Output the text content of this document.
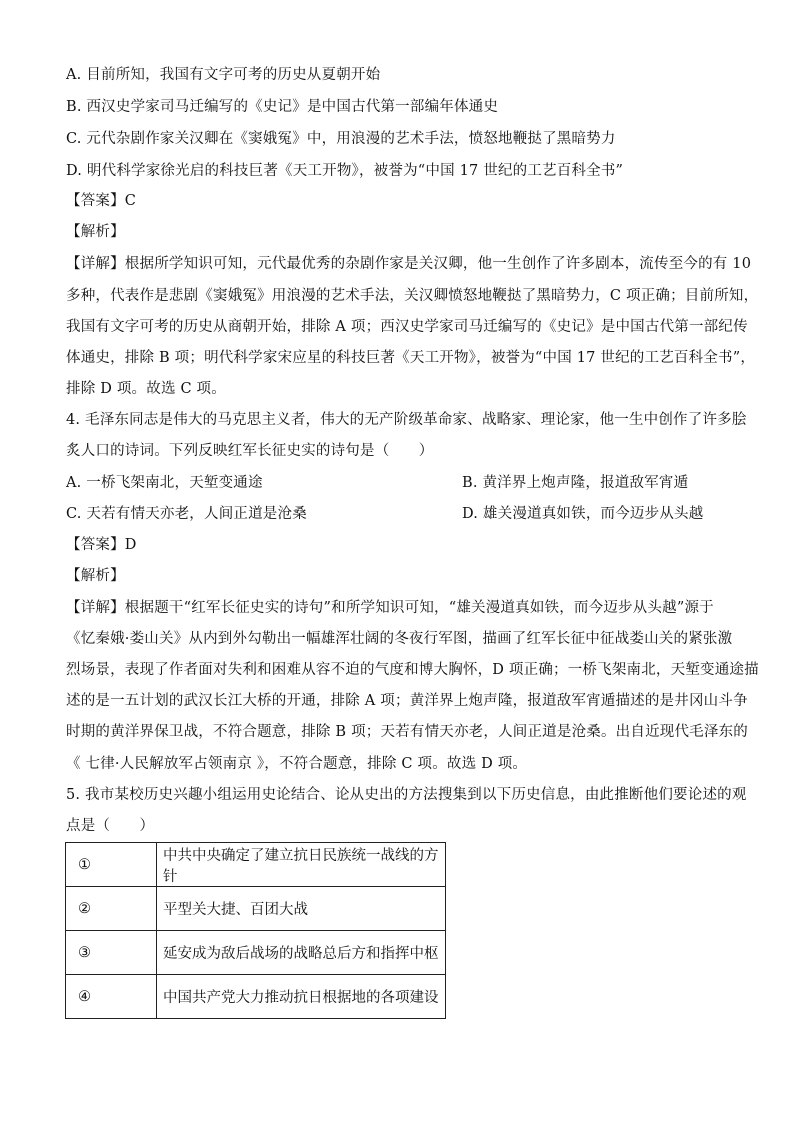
A. 目前所知，我国有文字可考的历史从夏朝开始
B. 西汉史学家司马迁编写的《史记》是中国古代第一部编年体通史
C. 元代杂剧作家关汉卿在《窦娥冤》中，用浪漫的艺术手法，愤怒地鞭挞了黑暗势力
D. 明代科学家徐光启的科技巨著《天工开物》，被誉为“中国 17 世纪的工艺百科全书”
【答案】C
【解析】
【详解】根据所学知识可知，元代最优秀的杂剧作家是关汉卿，他一生创作了许多剧本，流传至今的有 10
多种，代表作是悲剧《窦娥冤》用浪漫的艺术手法，关汉卿愤怒地鞭挞了黑暗势力，C 项正确；目前所知，
我国有文字可考的历史从商朝开始，排除 A 项；西汉史学家司马迁编写的《史记》是中国古代第一部纪传
体通史，排除 B 项；明代科学家宋应星的科技巨著《天工开物》，被誉为“中国 17 世纪的工艺百科全书”，
排除 D 项。故选 C 项。
4. 毛泽东同志是伟大的马克思主义者，伟大的无产阶级革命家、战略家、理论家，他一生中创作了许多脍
炙人口的诗词。下列反映红军长征史实的诗句是（　　）
A. 一桥飞架南北，天堑变通途	B. 黄洋界上炮声隆，报道敌军宵遁
C. 天若有情天亦老，人间正道是沧桑	D. 雄关漫道真如铁，而今迈步从头越
【答案】D
【解析】
【详解】根据题干“红军长征史实的诗句”和所学知识可知，“雄关漫道真如铁，而今迈步从头越”源于
《忆秦娥·娄山关》从内到外勾勒出一幅雄浑壮阔的冬夜行军图，描画了红军长征中征战娄山关的紧张激
烈场景，表现了作者面对失利和困难从容不迫的气度和博大胸怀，D 项正确；一桥飞架南北，天堑变通途描
述的是一五计划的武汉长江大桥的开通，排除 A 项；黄洋界上炮声隆，报道敌军宵遁描述的是井冈山斗争
时期的黄洋界保卫战，不符合题意，排除 B 项；天若有情天亦老，人间正道是沧桑。出自近现代毛泽东的
《 七律·人民解放军占领南京 》，不符合题意，排除 C 项。故选 D 项。
5. 我市某校历史兴趣小组运用史论结合、论从史出的方法搜集到以下历史信息，由此推断他们要论述的观
点是（　　）
①	中共中央确定了建立抗日民族统一战线的方针
②	平型关大捷、百团大战
③	延安成为敌后战场的战略总后方和指挥中枢
④	中国共产党大力推动抗日根据地的各项建设
